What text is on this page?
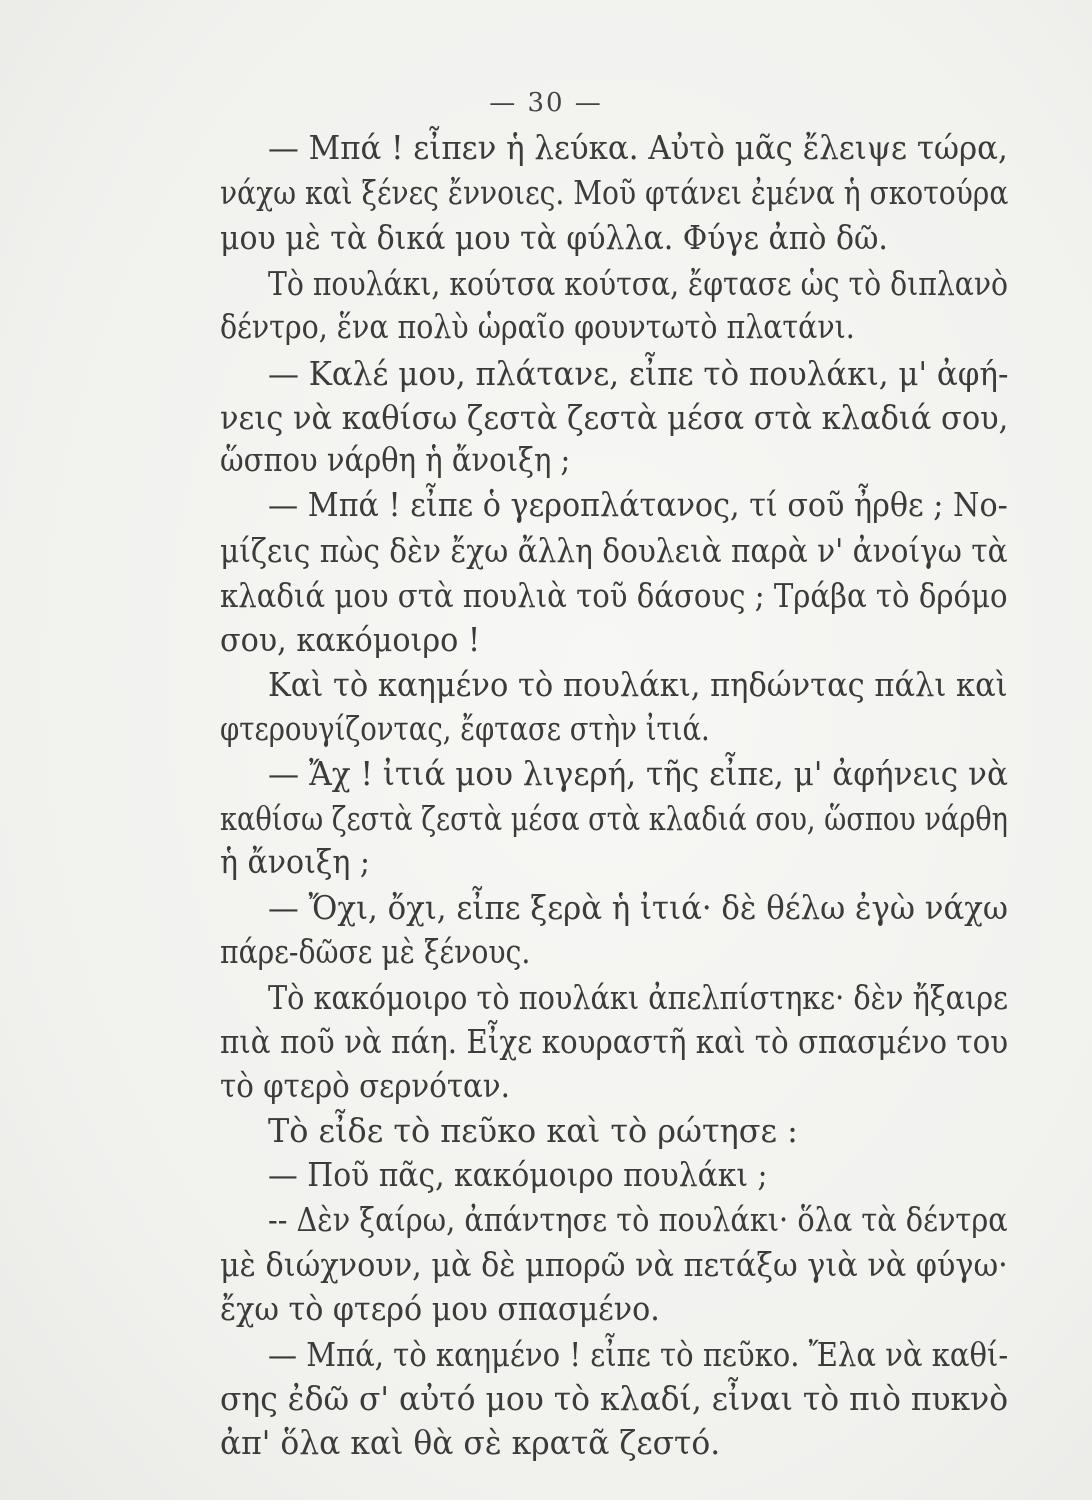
— 30 —
— Μπά ! εἶπεν ἡ λεύκα. Αὐτὸ μᾶς ἔλειψε τώρα,
νάχω καὶ ξένες ἔννοιες. Μοῦ φτάνει ἐμένα ἡ σκοτούρα
μου μὲ τὰ δικά μου τὰ φύλλα. Φύγε ἀπὸ δῶ.
Τὸ πουλάκι, κούτσα κούτσα, ἔφτασε ὡς τὸ διπλανὸ
δέντρο, ἕνα πολὺ ὡραῖο φουντωτὸ πλατάνι.
— Καλέ μου, πλάτανε, εἶπε τὸ πουλάκι, μ' ἀφή-
νεις νὰ καθίσω ζεστὰ ζεστὰ μέσα στὰ κλαδιά σου,
ὥσπου νάρθη ἡ ἄνοιξη ;
— Μπά ! εἶπε ὁ γεροπλάτανος, τί σοῦ ἦρθε ; Νο-
μίζεις πὼς δὲν ἔχω ἄλλη δουλειὰ παρὰ ν' ἀνοίγω τὰ
κλαδιά μου στὰ πουλιὰ τοῦ δάσους ; Τράβα τὸ δρόμο
σου, κακόμοιρο !
Καὶ τὸ καημένο τὸ πουλάκι, πηδώντας πάλι καὶ
φτερουγίζοντας, ἔφτασε στὴν ἰτιά.
— Ἄχ ! ἰτιά μου λιγερή, τῆς εἶπε, μ' ἀφήνεις νὰ
καθίσω ζεστὰ ζεστὰ μέσα στὰ κλαδιά σου, ὥσπου νάρθη
ἡ ἄνοιξη ;
— Ὄχι, ὄχι, εἶπε ξερὰ ἡ ἰτιά· δὲ θέλω ἐγὼ νάχω
πάρε-δῶσε μὲ ξένους.
Τὸ κακόμοιρο τὸ πουλάκι ἀπελπίστηκε· δὲν ἤξαιρε
πιὰ ποῦ νὰ πάη. Εἶχε κουραστῆ καὶ τὸ σπασμένο του
τὸ φτερὸ σερνόταν.
Τὸ εἶδε τὸ πεῦκο καὶ τὸ ρώτησε :
— Ποῦ πᾶς, κακόμοιρο πουλάκι ;
-- Δὲν ξαίρω, ἀπάντησε τὸ πουλάκι· ὅλα τὰ δέντρα
μὲ διώχνουν, μὰ δὲ μπορῶ νὰ πετάξω γιὰ νὰ φύγω·
ἔχω τὸ φτερό μου σπασμένο.
— Μπά, τὸ καημένο ! εἶπε τὸ πεῦκο. Ἔλα νὰ καθί-
σης ἐδῶ σ' αὐτό μου τὸ κλαδί, εἶναι τὸ πιὸ πυκνὸ
ἀπ' ὅλα καὶ θὰ σὲ κρατᾶ ζεστό.
